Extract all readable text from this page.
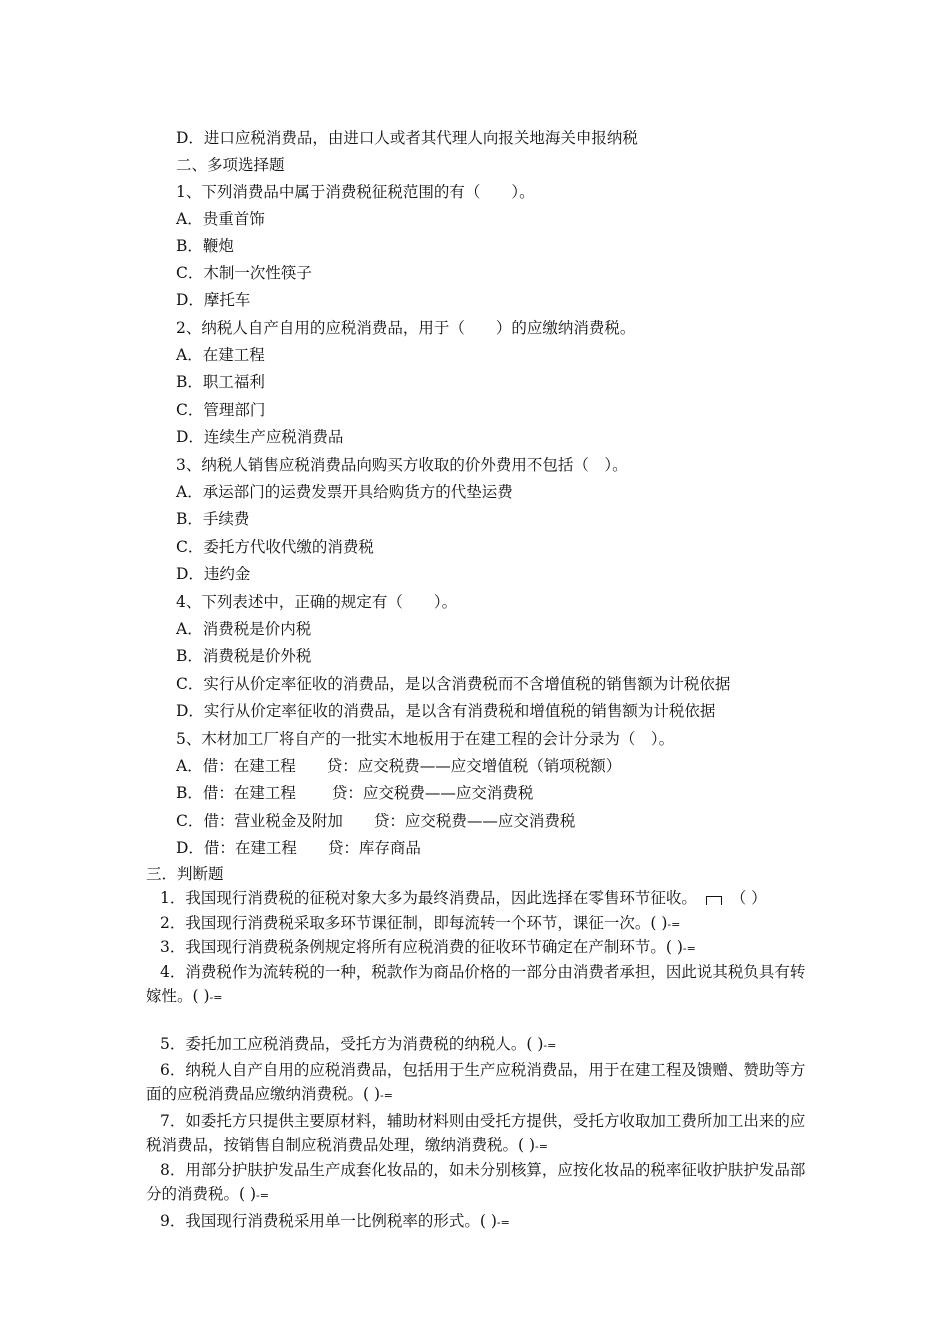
D．进口应税消费品，由进口人或者其代理人向报关地海关申报纳税
二、多项选择题
1、下列消费品中属于消费税征税范围的有（　　）。
A．贵重首饰
B．鞭炮
C．木制一次性筷子
D．摩托车
2、纳税人自产自用的应税消费品，用于（　　）的应缴纳消费税。
A．在建工程
B．职工福利
C．管理部门
D．连续生产应税消费品
3、纳税人销售应税消费品向购买方收取的价外费用不包括（　）。
A．承运部门的运费发票开具给购货方的代垫运费
B．手续费
C．委托方代收代缴的消费税
D．违约金
4、下列表述中，正确的规定有（　　）。
A．消费税是价内税
B．消费税是价外税
C．实行从价定率征收的消费品，是以含消费税而不含增值税的销售额为计税依据
D．实行从价定率征收的消费品，是以含有消费税和增值税的销售额为计税依据
5、木材加工厂将自产的一批实木地板用于在建工程的会计分录为（　）。
A．借：在建工程　　贷：应交税费——应交增值税（销项税额）
B．借：在建工程　　 贷：应交税费——应交消费税
C．借：营业税金及附加　　贷：应交税费——应交消费税
D．借：在建工程　　贷：库存商品
三．判断题
1．我国现行消费税的征税对象大多为最终消费品，因此选择在零售环节征收。 （ ）
2．我国现行消费税采取多环节课征制，即每流转一个环节，课征一次。( )-=
3．我国现行消费税条例规定将所有应税消费的征收环节确定在产制环节。( )-=
4．消费税作为流转税的一种，税款作为商品价格的一部分由消费者承担，因此说其税负具有转嫁性。( )-=
5．委托加工应税消费品，受托方为消费税的纳税人。( )-=
6．纳税人自产自用的应税消费品，包括用于生产应税消费品，用于在建工程及馈赠、赞助等方面的应税消费品应缴纳消费税。( )-=
7．如委托方只提供主要原材料，辅助材料则由受托方提供，受托方收取加工费所加工出来的应税消费品，按销售自制应税消费品处理，缴纳消费税。( )-=
8．用部分护肤护发品生产成套化妆品的，如未分别核算，应按化妆品的税率征收护肤护发品部分的消费税。( )-=
9．我国现行消费税采用单一比例税率的形式。( )-=
